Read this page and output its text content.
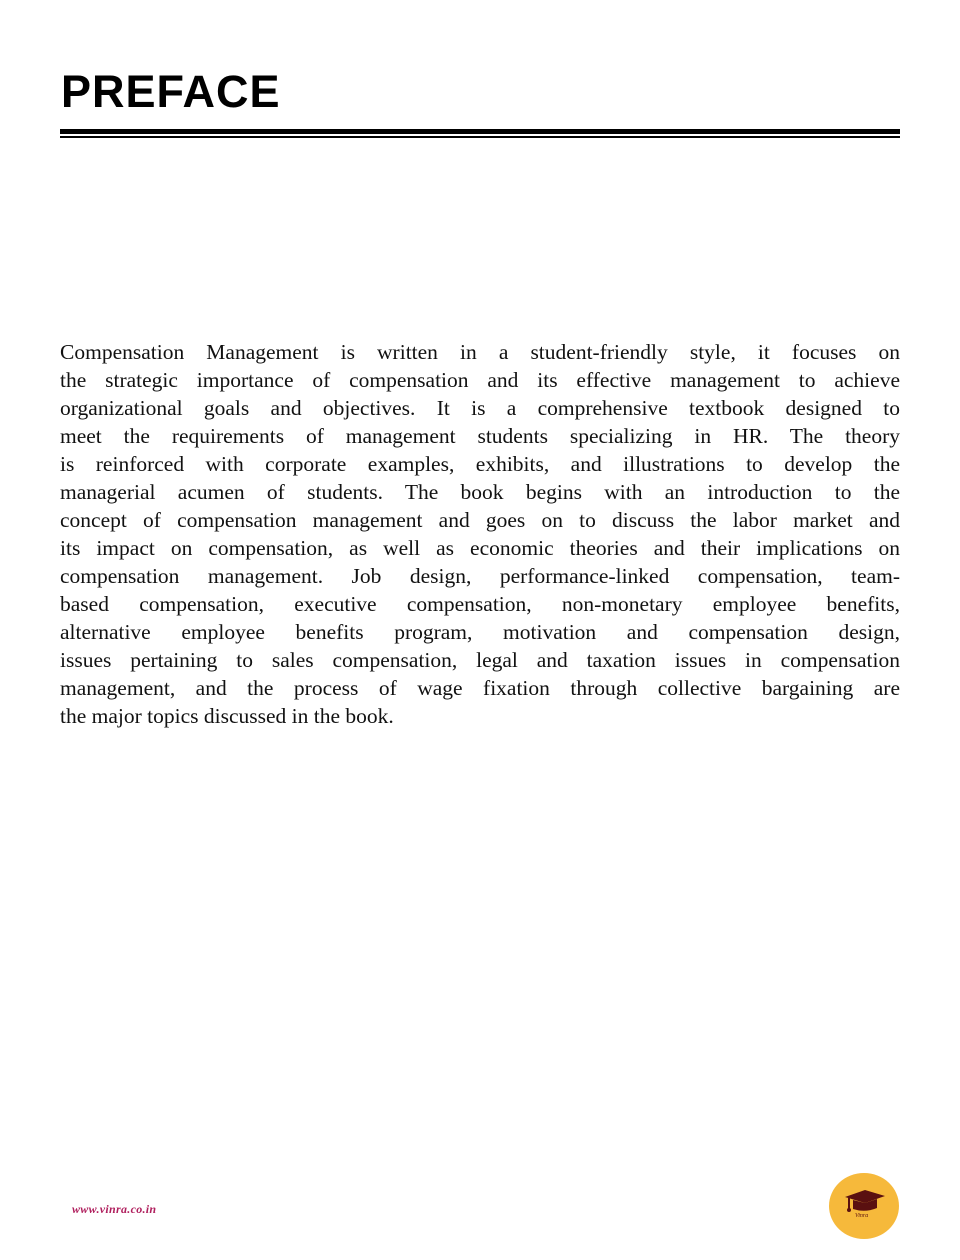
PREFACE
Compensation Management is written in a student-friendly style, it focuses on
the strategic importance of compensation and its effective management to achieve
organizational goals and objectives. It is a comprehensive textbook designed to
meet the requirements of management students specializing in HR. The theory
is reinforced with corporate examples, exhibits, and illustrations to develop the
managerial acumen of students. The book begins with an introduction to the
concept of compensation management and goes on to discuss the labor market and
its impact on compensation, as well as economic theories and their implications on
compensation management. Job design, performance-linked compensation, team-
based compensation, executive compensation, non-monetary employee benefits,
alternative employee benefits program, motivation and compensation design,
issues pertaining to sales compensation, legal and taxation issues in compensation
management, and the process of wage fixation through collective bargaining are
the major topics discussed in the book.
www.vinra.co.in	Vinra
